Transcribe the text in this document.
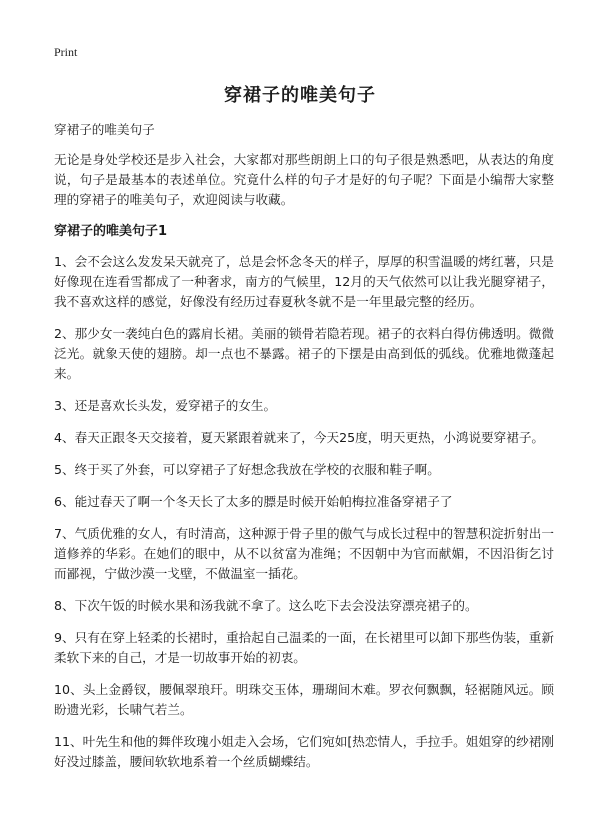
Print
穿裙子的唯美句子

穿裙子的唯美句子

无论是身处学校还是步入社会，大家都对那些朗朗上口的句子很是熟悉吧，从表达的角度说，句子是最基本的表述单位。究竟什么样的句子才是好的句子呢？下面是小编帮大家整理的穿裙子的唯美句子，欢迎阅读与收藏。

穿裙子的唯美句子1

1、会不会这么发发呆天就亮了，总是会怀念冬天的样子，厚厚的积雪温暖的烤红薯，只是好像现在连看雪都成了一种奢求，南方的气候里，12月的天气依然可以让我光腿穿裙子，我不喜欢这样的感觉，好像没有经历过春夏秋冬就不是一年里最完整的经历。

2、那少女一袭纯白色的露肩长裙。美丽的锁骨若隐若现。裙子的衣料白得仿佛透明。微微泛光。就象天使的翅膀。却一点也不暴露。裙子的下摆是由高到低的弧线。优雅地微蓬起来。

3、还是喜欢长头发，爱穿裙子的女生。

4、春天正跟冬天交接着，夏天紧跟着就来了，今天25度，明天更热，小鸿说要穿裙子。

5、终于买了外套，可以穿裙子了好想念我放在学校的衣服和鞋子啊。

6、能过春天了啊一个冬天长了太多的膘是时候开始帕梅拉准备穿裙子了

7、气质优雅的女人，有时清高，这种源于骨子里的傲气与成长过程中的智慧积淀折射出一道修养的华彩。在她们的眼中，从不以贫富为准绳；不因朝中为官而献媚，不因沿街乞讨而鄙视，宁做沙漠一戈壁，不做温室一插花。

8、下次午饭的时候水果和汤我就不拿了。这么吃下去会没法穿漂亮裙子的。

9、只有在穿上轻柔的长裙时，重拾起自己温柔的一面，在长裙里可以卸下那些伪装，重新柔软下来的自己，才是一切故事开始的初衷。

10、头上金爵钗，腰佩翠琅玕。明珠交玉体，珊瑚间木难。罗衣何飘飘，轻裾随风远。顾盼遗光彩，长啸气若兰。

11、叶先生和他的舞伴玫瑰小姐走入会场，它们宛如[热恋情人，手拉手。姐姐穿的纱裙刚好没过膝盖，腰间软软地系着一个丝质蝴蝶结。
